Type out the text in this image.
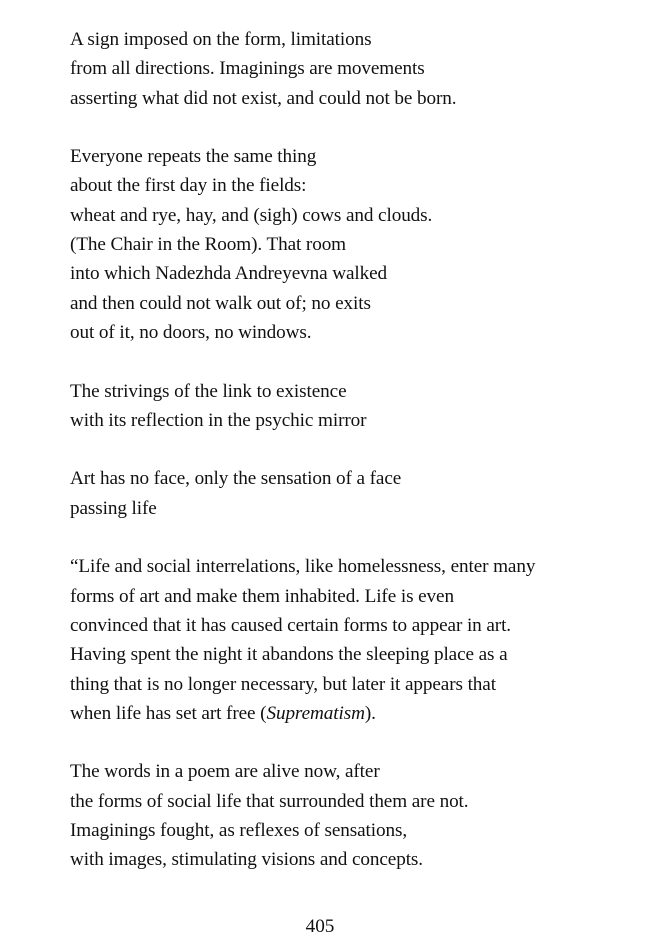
A sign imposed on the form, limitations
from all directions. Imaginings are movements
asserting what did not exist, and could not be born.
Everyone repeats the same thing
about the first day in the fields:
wheat and rye, hay, and (sigh) cows and clouds.
(The Chair in the Room). That room
into which Nadezhda Andreyevna walked
and then could not walk out of; no exits
out of it, no doors, no windows.
The strivings of the link to existence
with its reflection in the psychic mirror
Art has no face, only the sensation of a face
passing life
“Life and social interrelations, like homelessness, enter many
forms of art and make them inhabited. Life is even
convinced that it has caused certain forms to appear in art.
Having spent the night it abandons the sleeping place as a
thing that is no longer necessary, but later it appears that
when life has set art free (Suprematism).
The words in a poem are alive now, after
the forms of social life that surrounded them are not.
Imaginings fought, as reflexes of sensations,
with images, stimulating visions and concepts.
405
